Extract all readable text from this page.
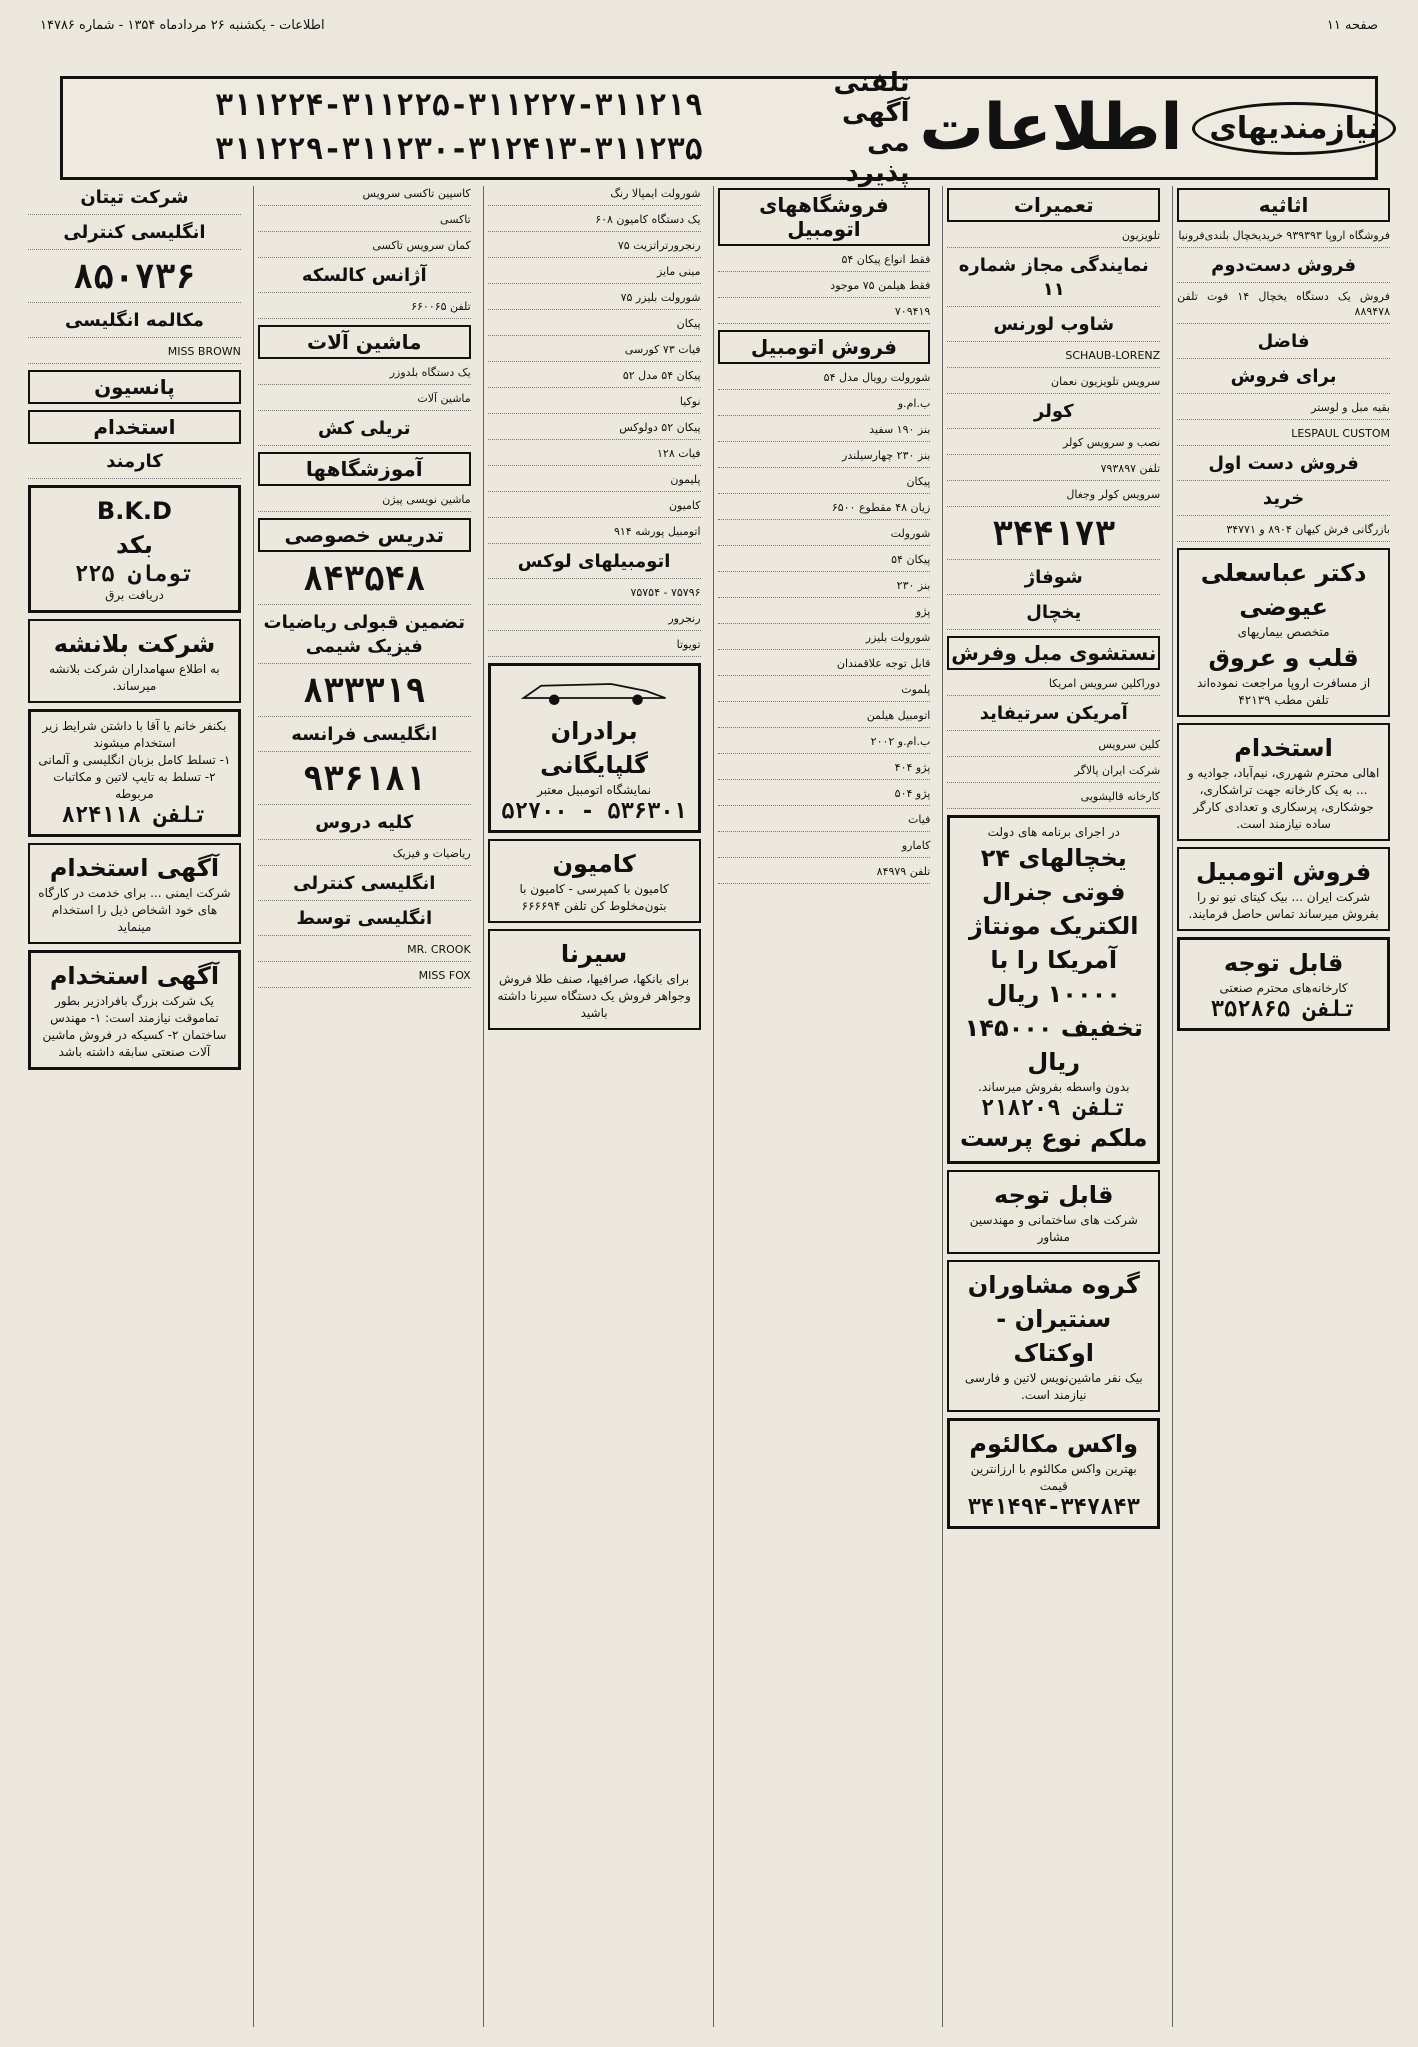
صفحه ۱۱
اطلاعات - یکشنبه ۲۶ مردادماه ۱۳۵۴ - شماره ۱۴۷۸۶
نیازمندیهای
اطلاعات
تلفنی آگهی می پذیرد
۳۱۱۲۲۴-۳۱۱۲۲۵-۳۱۱۲۲۷-۳۱۱۲۱۹
۳۱۱۲۲۹-۳۱۱۲۳۰-۳۱۲۴۱۳-۳۱۱۲۳۵
اثاثیه
فروشگاه اروپا ۹۳۹۳۹۳ خریدیخچال بلندی‌فرونیا
فروش دست‌دوم
فروش یک دستگاه یخچال ۱۴ فوت تلفن ۸۸۹۴۷۸
فاضل
برای فروش
بقیه مبل و لوستر
LESPAUL CUSTOM
فروش دست اول
خرید
بازرگانی فرش کیهان ۸۹۰۴ و ۳۴۷۷۱
دکتر عباسعلی عیوضی
متخصص بیماریهای
قلب و عروق
از مسافرت اروپا مراجعت نموده‌اند
تلفن مطب ۴۲۱۳۹
استخدام
اهالی محترم شهرری، نیم‌آباد، جوادیه و ... به یک کارخانه جهت تراشکاری، جوشکاری، پرسکاری و تعدادی کارگر ساده نیازمند است.
فروش اتومبیل
شرکت ایران ... بیک کیتای نیو نو را بفروش میرساند تماس حاصل فرمایند.
قابل توجه
کارخانه‌های محترم صنعتی
تلفن ۳۵۲۸۶۵
تعمیرات
تلویزیون
نمایندگی مجاز شماره ۱۱
شاوب لورنس
SCHAUB-LORENZ
سرویس تلویزیون نعمان
کولر
نصب و سرویس کولر
تلفن ۷۹۳۸۹۷
سرویس کولر وجغال
۳۴۴۱۷۳
شوفاژ
یخچال
نستشوی مبل وفرش
دوراکلین سرویس امریکا
آمریکن سرتیفاید
کلین سرویس
شرکت ایران پالاگر
کارخانه قالیشویی
در اجرای برنامه های دولت
یخچالهای ۲۴ فوتی جنرال الکتریک مونتاژ آمریکا را با ۱۰۰۰۰ ریال تخفیف ۱۴۵۰۰۰ ریال
بدون واسطه بفروش میرساند.
تلفن ۲۱۸۲۰۹
ملکم نوع پرست
قابل توجه
شرکت های ساختمانی و مهندسین مشاور
گروه مشاوران سنتیران - اوکتاک
بیک نفر ماشین‌نویس لاتین و فارسی نیازمند است.
واکس مکالئوم
بهترین واکس مکالئوم با ارزانترین قیمت
۳۴۱۴۹۴-۳۴۷۸۴۳
فروشگاههای اتومبیل
فقط انواع پیکان ۵۴
فقط هیلمن ۷۵ موجود
۷۰۹۴۱۹
فروش اتومبیل
شورولت رویال مدل ۵۴
ب.ام.و
بنز ۱۹۰ سفید
بنز ۲۳۰ چهارسیلندر
پیکان
زیان ۴۸ مقطوع ۶۵۰۰
شورولت
پیکان ۵۴
بنز ۲۳۰
پژو
شورولت بلیزر
قابل توجه علاقمندان
پلموت
اتومبیل هیلمن
ب.ام.و ۲۰۰۲
پژو ۴۰۴
پژو ۵۰۴
فیات
کامارو
تلفن ۸۴۹۷۹
شورولت ایمپالا رنگ
یک دستگاه کامیون ۶۰۸
رنجرورتراتزیت ۷۵
مینی مایز
شورولت بلیزر ۷۵
پیکان
فیات ۷۳ کورسی
پیکان ۵۴ مدل ۵۲
نوکیا
پیکان ۵۲ دولوکس
فیات ۱۲۸
پلیمون
کامیون
اتومبیل پورشه ۹۱۴
اتومبیلهای لوکس
۷۵۷۹۶ - ۷۵۷۵۴
رنجرور
تویوتا
برادران گلپایگانی
نمایشگاه اتومبیل معتبر
۵۲۷۰۰ - ۵۳۶۳۰۱
کامیون
کامیون با کمپرسی - کامیون با بتون‌مخلوط کن تلفن ۶۶۶۶۹۴
سیرنا
برای بانکها، صرافیها، صنف طلا فروش وجواهر فروش یک دستگاه سیرنا داشته باشید
کاسپین تاکسی سرویس
تاکسی
کمان سرویس تاکسی
آژانس کالسکه
تلفن ۶۶۰۰۶۵
ماشین آلات
یک دستگاه بلدوزر
ماشین آلات
تریلی کش
آموزشگاهها
ماشین نویسی پیژن
تدریس خصوصی
۸۴۳۵۴۸
تضمین قبولی ریاضیات فیزیک شیمی
۸۳۳۳۱۹
انگلیسی فرانسه
۹۳۶۱۸۱
کلیه دروس
ریاضیات و فیزیک
انگلیسی کنترلی
انگلیسی توسط
MR. CROOK
MISS FOX
شرکت تیتان
انگلیسی کنترلی
۸۵۰۷۳۶
مکالمه انگلیسی
MISS BROWN
پانسیون
استخدام
کارمند
B.K.D
بکد
۲۲۵ تومان
دریافت برق
شرکت بلانشه
به اطلاع سهامداران شرکت بلانشه میرساند.
بکنفر خانم یا آقا با داشتن شرایط زیر استخدام میشوند
۱- تسلط کامل بزبان انگلیسی و آلمانی ۲- تسلط به تایپ لاتین و مکاتبات مربوطه
تلفن ۸۲۴۱۱۸
آگهی استخدام
شرکت ایمنی ... برای خدمت در کارگاه های خود اشخاص ذیل را استخدام مینماید
آگهی استخدام
یک شرکت بزرگ بافرادزیر بطور تماموقت نیازمند است: ۱- مهندس ساختمان ۲- کسیکه در فروش ماشین آلات صنعتی سابقه داشته باشد
